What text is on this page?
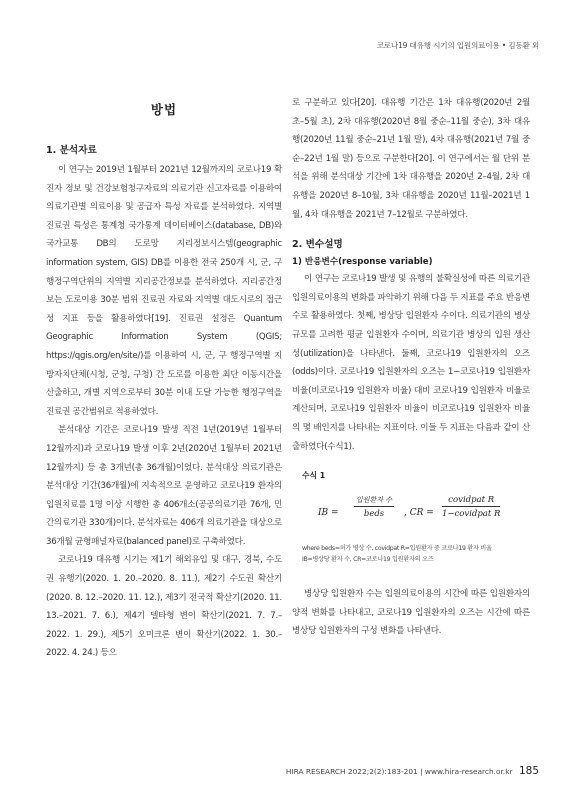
코로나19 대유행 시기의 입원의료이용 • 김동환 외
방법
1. 분석자료

이 연구는 2019년 1월부터 2021년 12월까지의 코로나19 확진자 정보 및 건강보험청구자료의 의료기관 신고자료를 이용하여 의료기관별 의료이용 및 공급자 특성 자료를 분석하였다. 지역별 진료권 특성은 통계청 국가통계 데이터베이스(database, DB)와 국가교통 DB의 도로망 지리정보시스템(geographic information system, GIS) DB를 이용한 전국 250개 시, 군, 구 행정구역단위의 지역별 지리공간정보를 분석하였다. 지리공간정보는 도로이용 30분 범위 진료권 자료와 지역별 대도시로의 접근성 지표 등을 활용하였다[19]. 진료권 설정은 Quantum Geographic Information System (QGIS; https://qgis.org/en/site/)를 이용하여 시, 군, 구 행정구역별 지방자치단체(시청, 군청, 구청) 간 도로를 이용한 최단 이동시간을 산출하고, 개별 지역으로부터 30분 이내 도달 가능한 행정구역을 진료권 공간범위로 적용하였다.

분석대상 기간은 코로나19 발생 직전 1년(2019년 1월부터 12월까지)과 코로나19 발생 이후 2년(2020년 1월부터 2021년 12월까지) 등 총 3개년(총 36개월)이었다. 분석대상 의료기관은 분석대상 기간(36개월)에 지속적으로 운영하고 코로나19 환자의 입원치료를 1명 이상 시행한 총 406개소(공공의료기관 76개, 민간의료기관 330개)이다. 분석자료는 406개 의료기관을 대상으로 36개월 균형패널자료(balanced panel)로 구축하였다.

코로나19 대유행 시기는 제1기 해외유입 및 대구, 경북, 수도권 유행기(2020. 1. 20.–2020. 8. 11.), 제2기 수도권 확산기(2020. 8. 12.–2020. 11. 12.), 제3기 전국적 확산기(2020. 11. 13.–2021. 7. 6.), 제4기 델타형 변이 확산기(2021. 7. 7.–2022. 1. 29.), 제5기 오미크론 변이 확산기(2022. 1. 30.–2022. 4. 24.) 등으

로 구분하고 있다[20]. 대유행 기간은 1차 대유행(2020년 2월 초–5월 초), 2차 대유행(2020년 8월 중순–11월 중순), 3차 대유행(2020년 11월 중순–21년 1월 말), 4차 대유행(2021년 7월 중순–22년 1월 말) 등으로 구분한다[20]. 이 연구에서는 월 단위 분석을 위해 분석대상 기간에 1차 대유행을 2020년 2–4월, 2차 대유행을 2020년 8–10월, 3차 대유행을 2020년 11월–2021년 1월, 4차 대유행을 2021년 7–12월로 구분하였다.

2. 변수설명
1) 반응변수(response variable)

이 연구는 코로나19 발생 및 유행의 불확실성에 따른 의료기관 입원의료이용의 변화를 파악하기 위해 다음 두 지표를 주요 반응변수로 활용하였다. 첫째, 병상당 입원환자 수이다. 의료기관의 병상규모를 고려한 평균 입원환자 수이며, 의료기관 병상의 입원 생산성(utilization)을 나타낸다. 둘째, 코로나19 입원환자의 오즈(odds)이다. 코로나19 입원환자의 오즈는 1−코로나19 입원환자 비율(비코로나19 입원환자 비율) 대비 코로나19 입원환자 비율로 계산되며, 코로나19 입원환자 비율이 비코로나19 입원환자 비율의 몇 배인지를 나타내는 지표이다. 이들 두 지표는 다음과 같이 산출하였다(수식1).

수식 1
IB =
입원환자 수
beds	, CR =
covidpat R
1−covidpat R
where beds=허가 병상 수, covidpat R=입원환자 중 코로나19 환자 비율
IB=병상당 환자 수, CR=코로나19 입원환자의 오즈

병상당 입원환자 수는 입원의료이용의 시간에 따른 입원환자의 양적 변화를 나타내고, 코로나19 입원환자의 오즈는 시간에 따른 병상당 입원환자의 구성 변화를 나타낸다.

HIRA RESEARCH 2022;2(2):183-201 | www.hira-research.or.kr 185
